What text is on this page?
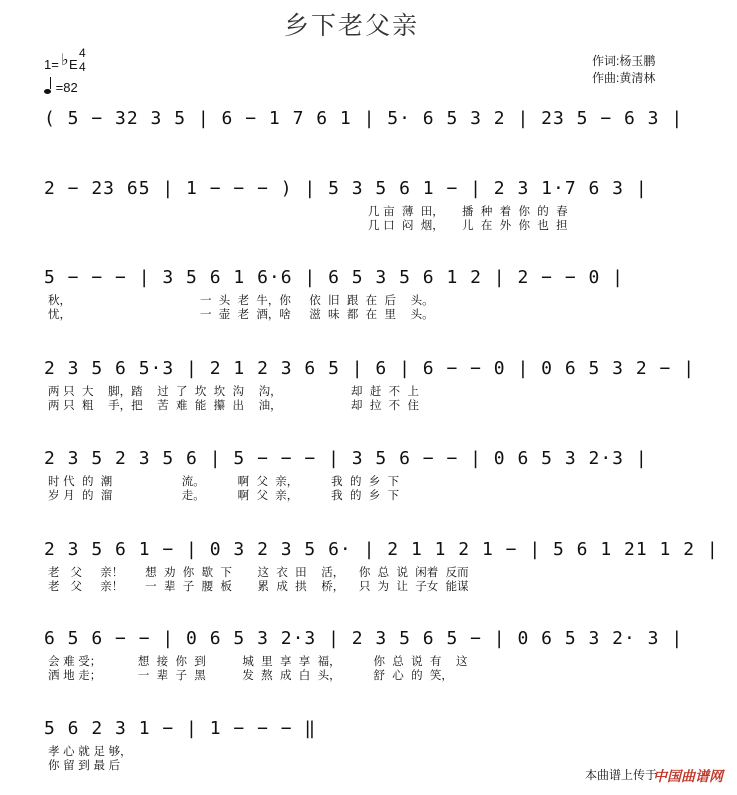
乡下老父亲
1= ♭ E
4
4
=82
作词:杨玉鹏
作曲:黄清林
( 5 − 32 3 5 | 6 − 1 7 6 1 | 5· 6 5 3 2 | 23 5 − 6 3 |
2 − 23 65 | 1 − − − ) | 5 3 5 6 1 − | 2 3 1·7 6 3 |
几 亩  薄  田，     播  种  着  你  的  春
几 口  闷  烟，     儿  在  外  你  也  担
5 − − − | 3 5 6 1 6·6 | 6 5 3 5 6 1 2 | 2 − − 0 |
秋，
忧，
一  头  老  牛，你     依  旧  跟  在  后    头。
一  壶  老  酒，啥     滋  味  都  在  里    头。
2 3 5 6 5·3 | 2 1 2 3 6 5 | 6 | 6 − − 0 | 0 6 5 3 2 − |
两 只  大    脚，踏    过  了  坎  坎  沟    沟，                   却  赶  不  上
两 只  粗    手，把    苦  难  能  攥  出    油，                   却  拉  不  住
2 3 5 2 3 5 6 | 5 − − − | 3 5 6 − − | 0 6 5 3 2·3 |
时 代  的  潮                   流。         啊  父  亲，         我  的  乡  下
岁 月  的  溜                   走。         啊  父  亲，         我  的  乡  下
2 3 5 6 1 − | 0 3 2 3 5 6· | 2 1 1 2 1 − | 5 6 1 21 1 2 |
老   父     亲！      想  劝  你  歇  下       这  衣  田    活，    你  总  说  闲着  反而
老   父     亲！      一  辈  子  腰  板       累  成  拱    桥，    只  为  让  子女  能谋
6 5 6 − − | 0 6 5 3 2·3 | 2 3 5 6 5 − | 0 6 5 3 2· 3 |
会 难 受；          想  接  你  到          城  里  享  享  福，         你  总  说  有    这
洒 地 走；          一  辈  子  黑          发  熬  成  白  头，         舒  心  的  笑，
5 6 2 3 1 − | 1 − − − ‖
孝 心 就 足 够，
你 留 到 最 后
本曲谱上传于
中国曲谱网
